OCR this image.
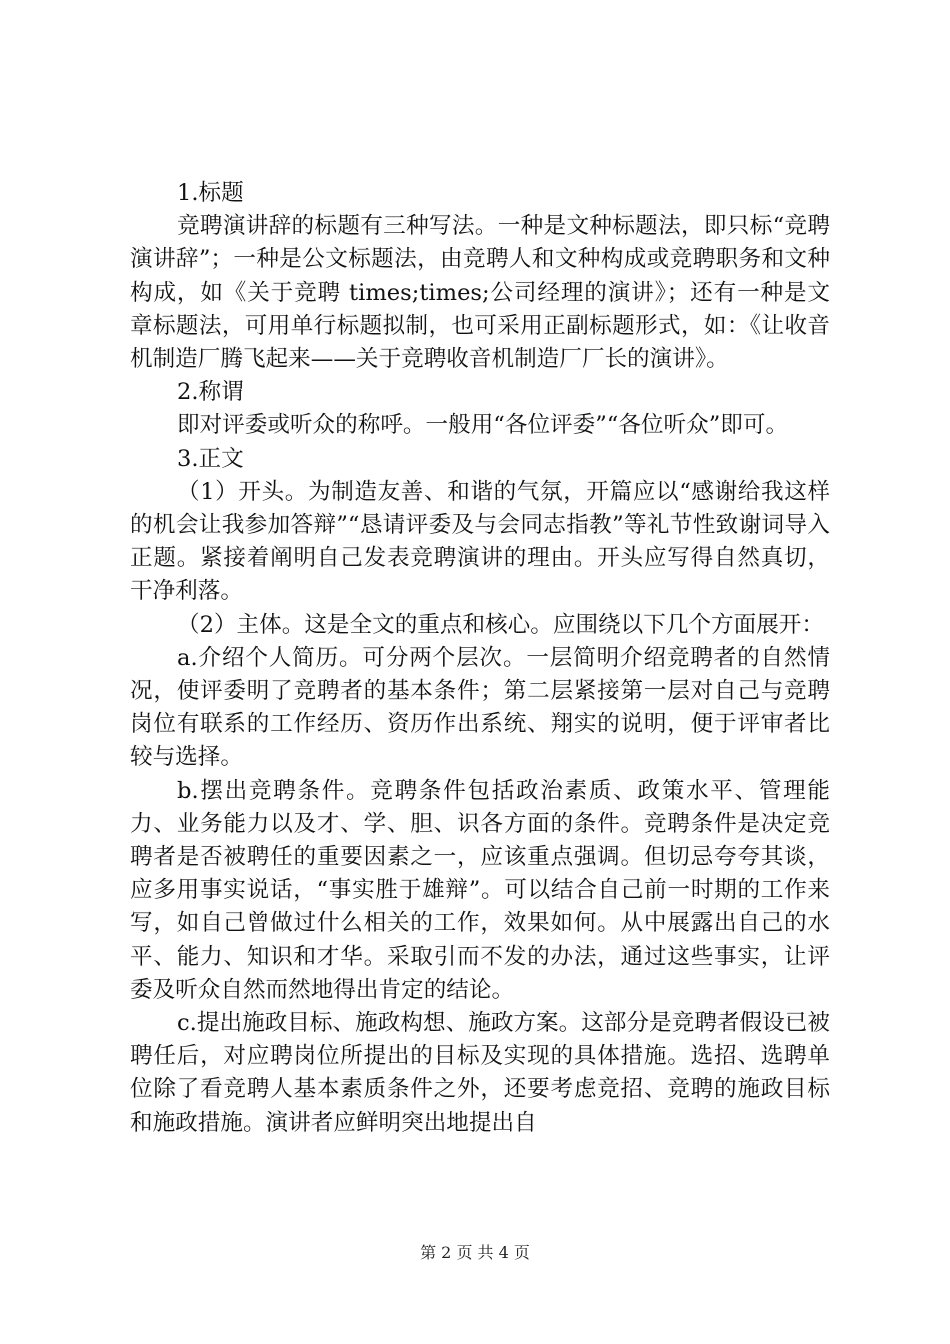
1.标题

竞聘演讲辞的标题有三种写法。一种是文种标题法，即只标“竞聘演讲辞”；一种是公文标题法，由竞聘人和文种构成或竞聘职务和文种构成，如《关于竞聘 times;times;公司经理的演讲》；还有一种是文章标题法，可用单行标题拟制，也可采用正副标题形式，如：《让收音机制造厂腾飞起来——关于竞聘收音机制造厂厂长的演讲》。

2.称谓

即对评委或听众的称呼。一般用“各位评委”“各位听众”即可。

3.正文

（1）开头。为制造友善、和谐的气氛，开篇应以“感谢给我这样的机会让我参加答辩”“恳请评委及与会同志指教”等礼节性致谢词导入正题。紧接着阐明自己发表竞聘演讲的理由。开头应写得自然真切，干净利落。

（2）主体。这是全文的重点和核心。应围绕以下几个方面展开：

a.介绍个人简历。可分两个层次。一层简明介绍竞聘者的自然情况，使评委明了竞聘者的基本条件；第二层紧接第一层对自己与竞聘岗位有联系的工作经历、资历作出系统、翔实的说明，便于评审者比较与选择。

b.摆出竞聘条件。竞聘条件包括政治素质、政策水平、管理能力、业务能力以及才、学、胆、识各方面的条件。竞聘条件是决定竞聘者是否被聘任的重要因素之一，应该重点强调。但切忌夸夸其谈，应多用事实说话，“事实胜于雄辩”。可以结合自己前一时期的工作来写，如自己曾做过什么相关的工作，效果如何。从中展露出自己的水平、能力、知识和才华。采取引而不发的办法，通过这些事实，让评委及听众自然而然地得出肯定的结论。

c.提出施政目标、施政构想、施政方案。这部分是竞聘者假设已被聘任后，对应聘岗位所提出的目标及实现的具体措施。选招、选聘单位除了看竞聘人基本素质条件之外，还要考虑竞招、竞聘的施政目标和施政措施。演讲者应鲜明突出地提出自

第 2 页 共 4 页
